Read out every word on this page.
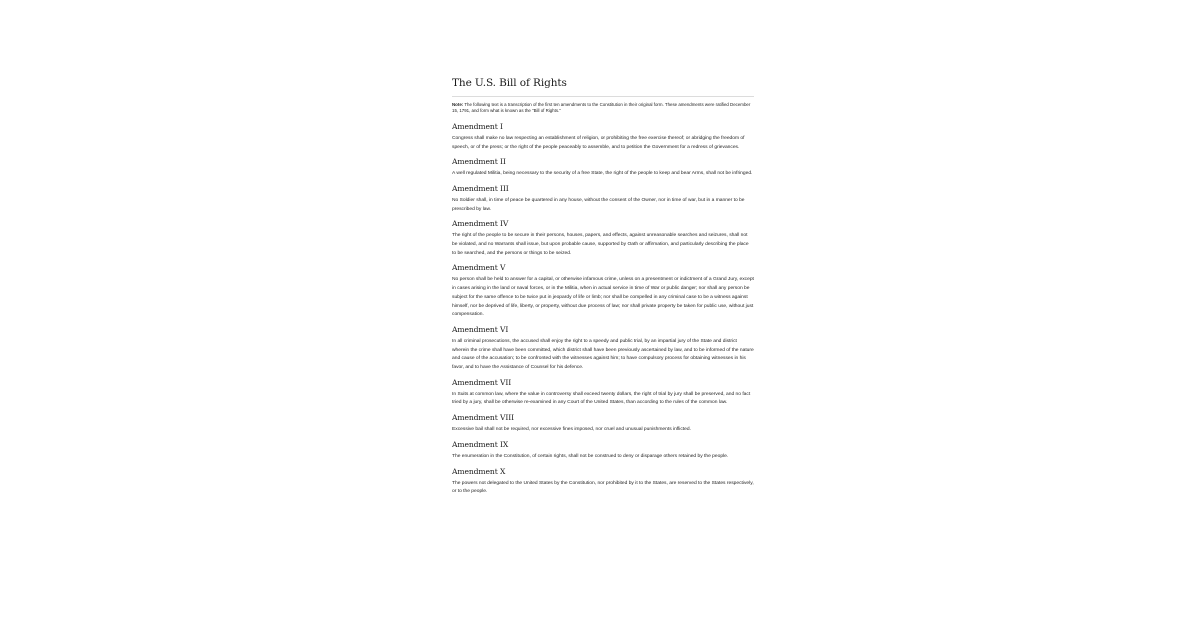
The U.S. Bill of Rights

Note: The following text is a transcription of the first ten amendments to the Constitution in their original form. These amendments were ratified December 15, 1791, and form what is known as the "Bill of Rights."

Amendment I

Congress shall make no law respecting an establishment of religion, or prohibiting the free exercise thereof; or abridging the freedom of speech, or of the press; or the right of the people peaceably to assemble, and to petition the Government for a redress of grievances.

Amendment II

A well regulated Militia, being necessary to the security of a free State, the right of the people to keep and bear Arms, shall not be infringed.

Amendment III

No Soldier shall, in time of peace be quartered in any house, without the consent of the Owner, nor in time of war, but in a manner to be prescribed by law.

Amendment IV

The right of the people to be secure in their persons, houses, papers, and effects, against unreasonable searches and seizures, shall not be violated, and no Warrants shall issue, but upon probable cause, supported by Oath or affirmation, and particularly describing the place to be searched, and the persons or things to be seized.

Amendment V

No person shall be held to answer for a capital, or otherwise infamous crime, unless on a presentment or indictment of a Grand Jury, except in cases arising in the land or naval forces, or in the Militia, when in actual service in time of War or public danger; nor shall any person be subject for the same offence to be twice put in jeopardy of life or limb; nor shall be compelled in any criminal case to be a witness against himself, nor be deprived of life, liberty, or property, without due process of law; nor shall private property be taken for public use, without just compensation.

Amendment VI

In all criminal prosecutions, the accused shall enjoy the right to a speedy and public trial, by an impartial jury of the State and district wherein the crime shall have been committed, which district shall have been previously ascertained by law, and to be informed of the nature and cause of the accusation; to be confronted with the witnesses against him; to have compulsory process for obtaining witnesses in his favor, and to have the Assistance of Counsel for his defence.

Amendment VII

In Suits at common law, where the value in controversy shall exceed twenty dollars, the right of trial by jury shall be preserved, and no fact tried by a jury, shall be otherwise re-examined in any Court of the United States, than according to the rules of the common law.

Amendment VIII

Excessive bail shall not be required, nor excessive fines imposed, nor cruel and unusual punishments inflicted.

Amendment IX

The enumeration in the Constitution, of certain rights, shall not be construed to deny or disparage others retained by the people.

Amendment X

The powers not delegated to the United States by the Constitution, nor prohibited by it to the States, are reserved to the States respectively, or to the people.
